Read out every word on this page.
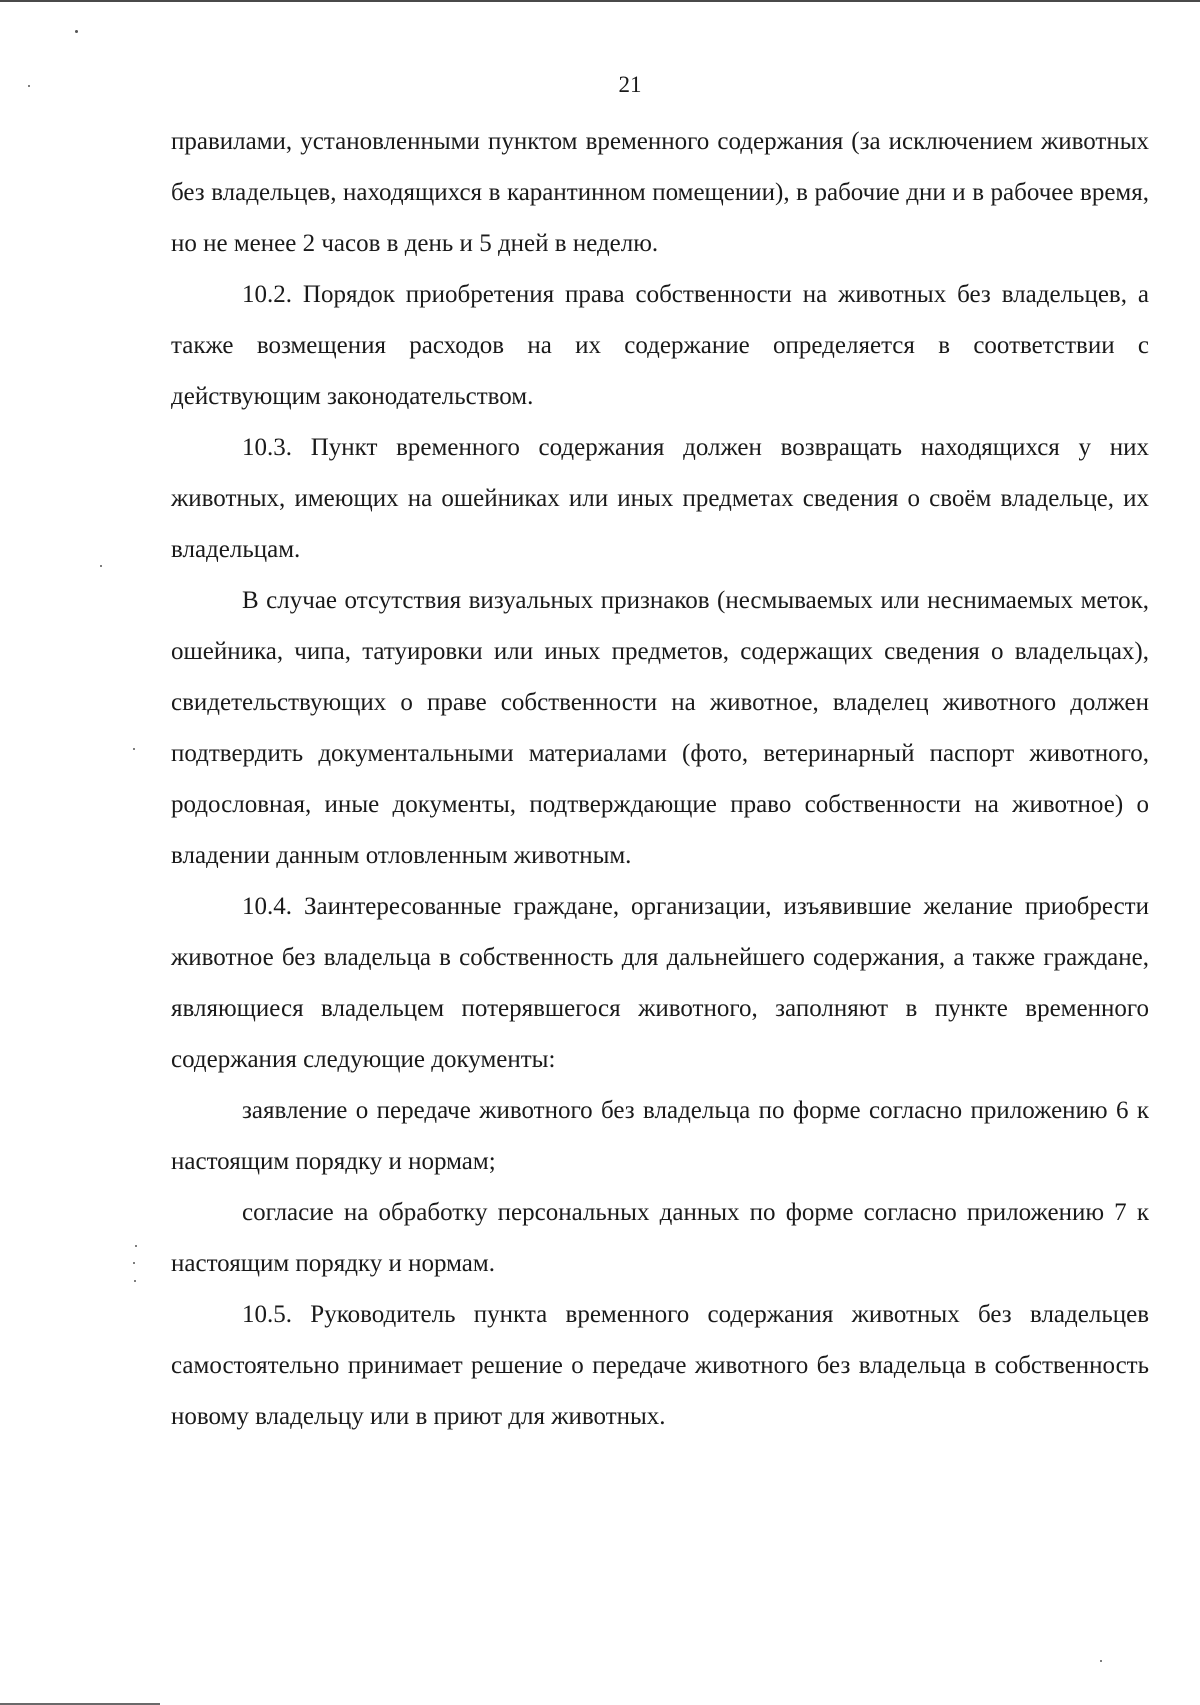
21

правилами, установленными пунктом временного содержания (за исключением животных без владельцев, находящихся в карантинном помещении), в рабочие дни и в рабочее время, но не менее 2 часов в день и 5 дней в неделю.

10.2. Порядок приобретения права собственности на животных без владельцев, а также возмещения расходов на их содержание определяется в соответствии с действующим законодательством.

10.3. Пункт временного содержания должен возвращать находящихся у них животных, имеющих на ошейниках или иных предметах сведения о своём владельце, их владельцам.

В случае отсутствия визуальных признаков (несмываемых или неснимаемых меток, ошейника, чипа, татуировки или иных предметов, содержащих сведения о владельцах), свидетельствующих о праве собственности на животное, владелец животного должен подтвердить документальными материалами (фото, ветеринарный паспорт животного, родословная, иные документы, подтверждающие право собственности на животное) о владении данным отловленным животным.

10.4. Заинтересованные граждане, организации, изъявившие желание приобрести животное без владельца в собственность для дальнейшего содержания, а также граждане, являющиеся владельцем потерявшегося животного, заполняют в пункте временного содержания следующие документы:

заявление о передаче животного без владельца по форме согласно приложению 6 к настоящим порядку и нормам;

согласие на обработку персональных данных по форме согласно приложению 7 к настоящим порядку и нормам.

10.5. Руководитель пункта временного содержания животных без владельцев самостоятельно принимает решение о передаче животного без владельца в собственность новому владельцу или в приют для животных.
